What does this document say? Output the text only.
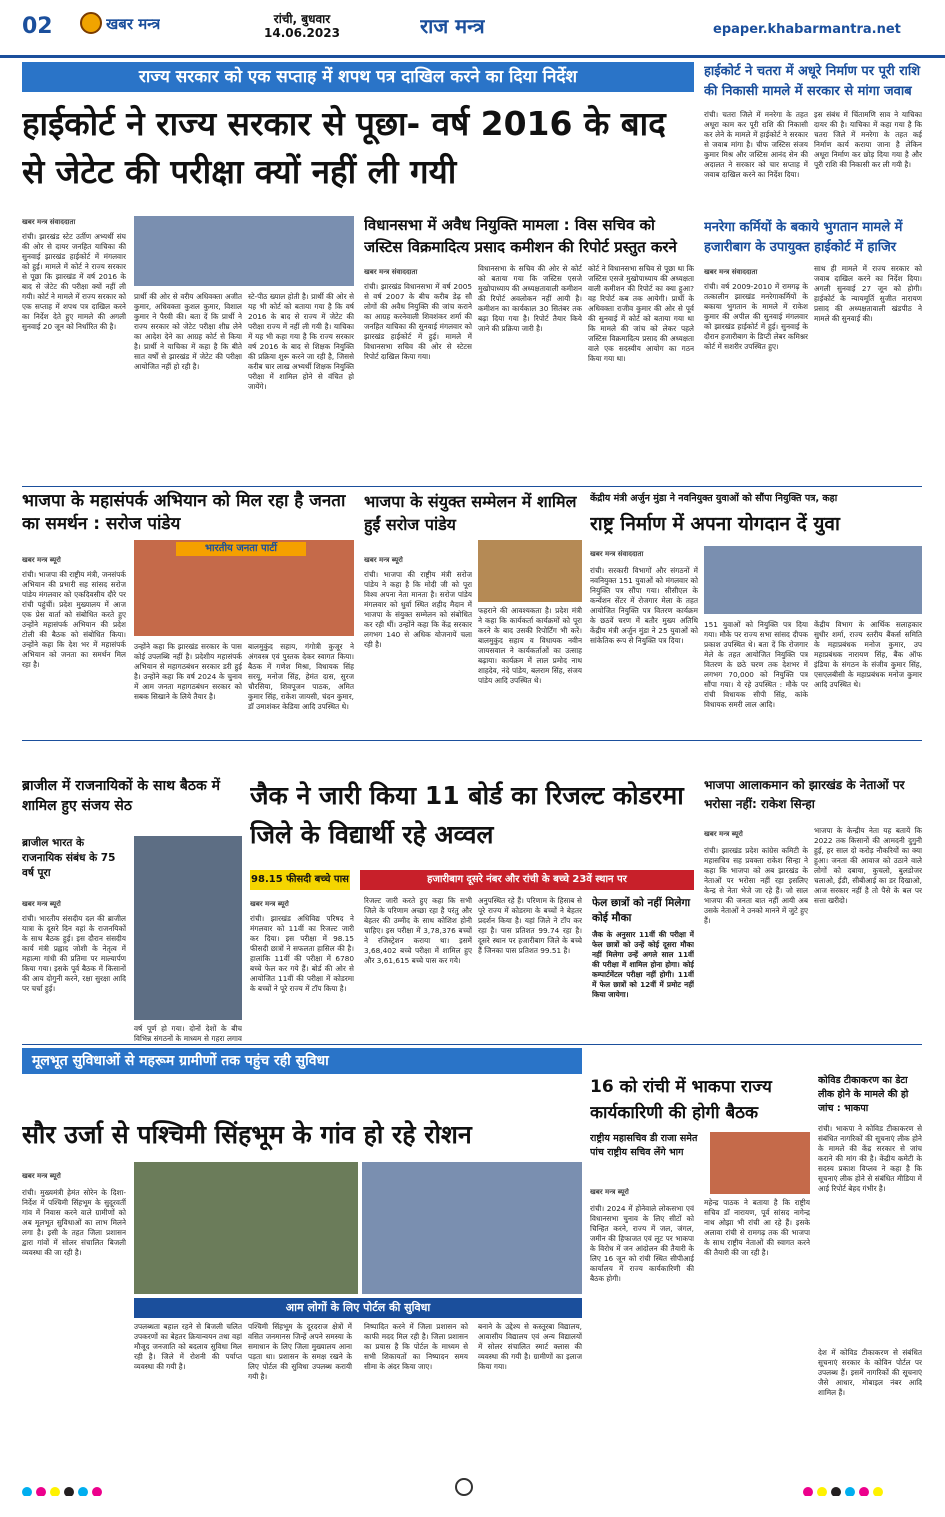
02	खबर मन्त्र	रांची, बुधवार
14.06.2023	राज मन्त्र	epaper.khabarmantra.net
राज्य सरकार को एक सप्ताह में शपथ पत्र दाखिल करने का दिया निर्देश
हाईकोर्ट ने राज्य सरकार से पूछा- वर्ष 2016 के बाद से जेटेट की परीक्षा क्यों नहीं ली गयी
खबर मन्त्र संवाददाता
रांची। झारखंड स्टेट उर्तीण अभ्यर्थी संघ की ओर से दायर जनहित याचिका की सुनवाई झारखंड हाईकोर्ट में मंगलवार को हुई। मामले में कोर्ट ने राज्य सरकार से पूछा कि झारखंड में वर्ष 2016 के बाद से जेटेट की परीक्षा क्यों नहीं ली गयी। कोर्ट ने मामले में राज्य सरकार को एक सप्ताह में शपथ पत्र दाखिल करने का निर्देश देते हुए मामले की अगली सुनवाई 20 जून को निर्धारित की है।
प्रार्थी की ओर से वरीय अधिवक्ता अजीत कुमार, अधिवक्ता कुशल कुमार, विशाल कुमार ने पैरवी की। बता दें कि प्रार्थी ने राज्य सरकार को जेटेट परीक्षा शीघ्र लेने का आदेश देने का आग्रह कोर्ट से किया है। प्रार्थी ने याचिका में कहा है कि बीते सात वर्षों से झारखंड में जेटेट की परीक्षा आयोजित नहीं हो रही है।
स्टे-पीठ ख्याल होती है। प्रार्थी की ओर से यह भी कोर्ट को बताया गया है कि वर्ष 2016 के बाद से राज्य में जेटेट की परीक्षा राज्य में नहीं ली गयी है। याचिका में यह भी कहा गया है कि राज्य सरकार वर्ष 2016 के बाद से शिक्षक नियुक्ति की प्रक्रिया शुरू करने जा रही है, जिससे करीब चार लाख अभ्यर्थी शिक्षक नियुक्ति परीक्षा में शामिल होने से वंचित हो जायेंगे।
हाईकोर्ट ने चतरा में अधूरे निर्माण पर पूरी राशि की निकासी मामले में सरकार से मांगा जवाब
रांची। चतरा जिले में मनरेगा के तहत अधूरा काम कर पूरी राशि की निकासी कर लेने के मामले में हाईकोर्ट ने सरकार से जवाब मांगा है। चीफ जस्टिस संजय कुमार मिश्र और जस्टिस आनंद सेन की अदालत ने सरकार को चार सप्ताह में जवाब दाखिल करने का निर्देश दिया।
इस संबंध में चिंतामणि साव ने याचिका दायर की है। याचिका में कहा गया है कि चतरा जिले में मनरेगा के तहत कई निर्माण कार्य कराया जाना है लेकिन अधूरा निर्माण कर छोड़ दिया गया है और पूरी राशि की निकासी कर ली गयी है।
विधानसभा में अवैध नियुक्ति मामला : विस सचिव को जस्टिस विक्रमादित्य प्रसाद कमीशन की रिपोर्ट प्रस्तुत करने
खबर मन्त्र संवाददाता
रांची। झारखंड विधानसभा में वर्ष 2005 से वर्ष 2007 के बीच करीब डेढ़ सौ लोगों की अवैध नियुक्ति की जांच कराने का आग्रह करनेवाली शिवशंकर शर्मा की जनहित याचिका की सुनवाई मंगलवार को झारखंड हाईकोर्ट में हुई। मामले में विधानसभा सचिव की ओर से स्टेटस रिपोर्ट दाखिल किया गया।
विधानसभा के सचिव की ओर से कोर्ट को बताया गया कि जस्टिस एसजे मुखोपाध्याय की अध्यक्षतावाली कमीशन की रिपोर्ट अवलोकन नहीं आयी है। कमीशन का कार्यकाल 30 सितंबर तक बढ़ा दिया गया है। रिपोर्ट तैयार किये जाने की प्रक्रिया जारी है।
कोर्ट ने विधानसभा सचिव से पूछा था कि जस्टिस एसजे मुखोपाध्याय की अध्यक्षता वाली कमीशन की रिपोर्ट का क्या हुआ? वह रिपोर्ट कब तक आयेगी। प्रार्थी के अधिवक्ता राजीव कुमार की ओर से पूर्व की सुनवाई में कोर्ट को बताया गया था कि मामले की जांच को लेकर पहले जस्टिस विक्रमादित्य प्रसाद की अध्यक्षता वाले एक सदस्यीय आयोग का गठन किया गया था।
मनरेगा कर्मियों के बकाये भुगतान मामले में हजारीबाग के उपायुक्त हाईकोर्ट में हाजिर
खबर मन्त्र संवाददाता
रांची। वर्ष 2009-2010 में रामगढ़ के तत्कालीन झारखंड मनरेगाकर्मियों के बकाया भुगतान के मामले में राकेश कुमार की अपील की सुनवाई मंगलवार को झारखंड हाईकोर्ट में हुई। सुनवाई के दौरान हजारीबाग के डिप्टी लेबर कमिश्नर कोर्ट में सशरीर उपस्थित हुए।
साथ ही मामले में राज्य सरकार को जवाब दाखिल करने का निर्देश दिया। अगली सुनवाई 27 जून को होगी। हाईकोर्ट के न्यायमूर्ति सुजीत नारायण प्रसाद की अध्यक्षतावाली खंडपीठ ने मामले की सुनवाई की।
भाजपा के महासंपर्क अभियान को मिल रहा है जनता का समर्थन : सरोज पांडेय
खबर मन्त्र ब्यूरो
रांची। भाजपा की राष्ट्रीय मंत्री, जनसंपर्क अभियान की प्रभारी सह सांसद सरोज पांडेय मंगलवार को एकदिवसीय दौरे पर रांची पहुंचीं। प्रदेश मुख्यालय में आज एक प्रेस वार्ता को संबोधित करते हुए उन्होंने महासंपर्क अभियान की प्रदेश टोली की बैठक को संबोधित किया। उन्होंने कहा कि देश भर में महासंपर्क अभियान को जनता का समर्थन मिल रहा है।
भारतीय जनता पार्टी
उन्होंने कहा कि झारखंड सरकार के पास कोई उपलब्धि नहीं है। प्रदेशीय महासंपर्क अभियान से महागठबंधन सरकार डरी हुई है। उन्होंने कहा कि वर्ष 2024 के चुनाव में आम जनता महागठबंधन सरकार को सबक सिखाने के लिये तैयार है।
बालमुकुंद सहाय, गंगोत्री कुजूर ने अंगवस्त्र एवं पुस्तक देकर स्वागत किया। बैठक में गणेश मिश्रा, विधायक सिंह सरयू, मनोज सिंह, हेमंत दास, सुरज चौरसिया, शिवपूजन पाठक, अमित कुमार सिंह, राकेश जायसी, चंदन कुमार, डॉ उमाशंकर केडिया आदि उपस्थित थे।
भाजपा के संयुक्त सम्मेलन में शामिल हुईं सरोज पांडेय
खबर मन्त्र ब्यूरो
रांची। भाजपा की राष्ट्रीय मंत्री सरोज पांडेय ने कहा है कि मोदी जी को पूरा विश्व अपना नेता मानता है। सरोज पांडेय मंगलवार को धुर्वा स्थित शहीद मैदान में भाजपा के संयुक्त सम्मेलन को संबोधित कर रही थीं। उन्होंने कहा कि केंद्र सरकार लगभग 140 से अधिक योजनायें चला रही है।
फहराने की आवश्यकता है। प्रदेश मंत्री ने कहा कि कार्यकर्ता कार्यक्रमों को पूरा करने के बाद उसकी रिपोर्टिंग भी करें। बालमुकुंद सहाय व विधायक नवीन जायसवाल ने कार्यकर्ताओं का उत्साह बढ़ाया। कार्यक्रम में लाल प्रमोद नाथ शाहदेव, नंदे पांडेय, बलराम सिंह, संजय पांडेय आदि उपस्थित थे।
केंद्रीय मंत्री अर्जुन मुंडा ने नवनियुक्त युवाओं को सौंपा नियुक्ति पत्र, कहा
राष्ट्र निर्माण में अपना योगदान दें युवा
खबर मन्त्र संवाददाता
रांची। सरकारी विभागों और संगठनों में नवनियुक्त 151 युवाओं को मंगलवार को नियुक्ति पत्र सौंपा गया। सीसीएल के कन्वेंशन सेंटर में रोजगार मेला के तहत आयोजित नियुक्ति पत्र वितरण कार्यक्रम के छठवें चरण में बतौर मुख्य अतिथि केंद्रीय मंत्री अर्जुन मुंडा ने 25 युवाओं को सांकेतिक रूप से नियुक्ति पत्र दिया।
151 युवाओं को नियुक्ति पत्र दिया गया। मौके पर राज्य सभा सांसद दीपक प्रकाश उपस्थित थे। बता दें कि रोजगार मेले के तहत आयोजित नियुक्ति पत्र वितरण के छठे चरण तक देशभर में लगभग 70,000 को नियुक्ति पत्र सौंपा गया। ये रहे उपस्थित : मौके पर रांची विधायक सीपी सिंह, कांके विधायक समरी लाल आदि।
केंद्रीय विभाग के आर्थिक सलाहकार सुधीर शर्मा, राज्य स्तरीय बैंकर्स समिति के महाप्रबंधक मनोज कुमार, उप महाप्रबंधक नारायण सिंह, बैंक ऑफ इंडिया के संगठन के संजीव कुमार सिंह, एसएलबीसी के महाप्रबंधक मनोज कुमार आदि उपस्थित थे।
ब्राजील में राजनायिकों के साथ बैठक में शामिल हुए संजय सेठ
ब्राजील भारत के राजनायिक संबंध के 75 वर्ष पूरा
खबर मन्त्र ब्यूरो
रांची। भारतीय संसदीय दल की ब्राजील यात्रा के दूसरे दिन वहां के राजनयिकों के साथ बैठक हुई। इस दौरान संसदीय कार्य मंत्री प्रह्लाद जोशी के नेतृत्व में महात्मा गांधी की प्रतिमा पर माल्यार्पण किया गया। इसके पूर्व बैठक में किसानों की आय दोगुनी करने, रक्षा सुरक्षा आदि पर चर्चा हुई।
वर्ष पूर्ण हो गया। दोनों देशों के बीच विभिन्न संगठनों के माध्यम से गहरा लगाव
जैक ने जारी किया 11 बोर्ड का रिजल्ट कोडरमा जिले के विद्यार्थी रहे अव्वल
98.15 फीसदी बच्चे पास	हजारीबाग दूसरे नंबर और रांची के बच्चे 23वें स्थान पर
खबर मन्त्र ब्यूरो
रांची। झारखंड अधिविद्य परिषद ने मंगलवार को 11वीं का रिजल्ट जारी कर दिया। इस परीक्षा में 98.15 फीसदी छात्रों ने सफलता हासिल की है। हालांकि 11वीं की परीक्षा में 6780 बच्चे फेल कर गये हैं। बोर्ड की ओर से आयोजित 11वीं की परीक्षा में कोडरमा के बच्चों ने पूरे राज्य में टॉप किया है।
रिजल्ट जारी करते हुए कहा कि सभी जिले के परिणाम अच्छा रहा है परंतु और बेहतर की उम्मीद के साथ कोशिश होनी चाहिए। इस परीक्षा में 3,78,376 बच्चों ने रजिस्ट्रेशन कराया था। इसमें 3,68,402 बच्चे परीक्षा में शामिल हुए और 3,61,615 बच्चे पास कर गये।
अनुपस्थित रहे हैं। परिणाम के हिसाब से पूरे राज्य में कोडरमा के बच्चों ने बेहतर प्रदर्शन किया है। यहां जिले ने टॉप कर रहा है। पास प्रतिशत 99.74 रहा है। दूसरे स्थान पर हजारीबाग जिले के बच्चे हैं जिनका पास प्रतिशत 99.51 है।
फेल छात्रों को नहीं मिलेगा कोई मौका
जैक के अनुसार 11वीं की परीक्षा में फेल छात्रों को उन्हें कोई दूसरा मौका नहीं मिलेगा उन्हें अगले साल 11वीं की परीक्षा में शामिल होना होगा। कोई कम्पार्टमेंटल परीक्षा नहीं होगी। 11वीं में फेल छात्रों को 12वीं में प्रमोट नहीं किया जायेगा।
भाजपा आलाकमान को झारखंड के नेताओं पर भरोसा नहीं: राकेश सिन्हा
खबर मन्त्र ब्यूरो
रांची। झारखंड प्रदेश कांग्रेस कमिटी के महासचिव सह प्रवक्ता राकेश सिन्हा ने कहा कि भाजपा को अब झारखंड के नेताओं पर भरोसा नहीं रहा इसलिए केन्द्र से नेता भेजे जा रहे हैं। जो साल भाजपा की जनता बात नहीं आयी अब उसके नेताओं ने उनको मानने में जुटे हुए हैं।
भाजपा के केन्द्रीय नेता यह बतायें कि 2022 तक किसानों की आमदनी दुगुनी हुई, हर साल दो करोड़ नौकरियों का क्या हुआ। जनता की आवाज को उठाने वाले लोगों को दबाया, कुचलो, बुलडोजर चलाओ, ईडी, सीबीआई का डर दिखाओ, आज सरकार नहीं है तो पैसे के बल पर सत्ता खरीदो।
मूलभूत सुविधाओं से महरूम ग्रामीणों तक पहुंच रही सुविधा
सौर उर्जा से पश्चिमी सिंहभूम के गांव हो रहे रोशन
खबर मन्त्र ब्यूरो
रांची। मुख्यमंत्री हेमंत सोरेन के दिशा-निर्देश में पश्चिमी सिंहभूम के सुदूरवर्ती गांव में निवास करने वाले ग्रामीणों को अब मूलभूत सुविधाओं का लाभ मिलने लगा है। इसी के तहत जिला प्रशासन द्वारा गांवों में सोलर संचालित बिजली व्यवस्था की जा रही है।
आम लोगों के लिए पोर्टल की सुविधा
उपलब्धता बहाल रहने से बिजली चलित उपकरणों का बेहतर क्रियान्वयन तथा वहां मौजूद जनजाति को बदलाव सुविधा मिल रही है। जिले में रोशनी की पर्याप्त व्यवस्था की गयी है।
पश्चिमी सिंहभूम के दूरदराज क्षेत्रों में वसित जनमानस जिन्हें अपने समस्या के समाधान के लिए जिला मुख्यालय आना पड़ता था। प्रशासन के समक्ष रखने के लिए पोर्टल की सुविधा उपलब्ध करायी गयी है।
निष्पादित करने में जिला प्रशासन को काफी मदद मिल रही है। जिला प्रशासन का प्रयास है कि पोर्टल के माध्यम से सभी शिकायतों का निष्पादन समय सीमा के अंदर किया जाए।
बनाने के उद्देश्य से कस्तूरबा विद्यालय, आवासीय विद्यालय एवं अन्य विद्यालयों में सोलर संचालित स्मार्ट क्लास की व्यवस्था की गयी है। ग्रामीणों का इलाज किया गया।
16 को रांची में भाकपा राज्य कार्यकारिणी की होगी बैठक
राष्ट्रीय महासचिव डी राजा समेत पांच राष्ट्रीय सचिव लेंगे भाग
खबर मन्त्र ब्यूरो
रांची। 2024 में होनेवाले लोकसभा एवं विधानसभा चुनाव के लिए सीटों को चिन्हित करने, राज्य में जल, जंगल, जमीन की हिफाजत एवं लूट पर भाकपा के विरोध में जन आंदोलन की तैयारी के लिए 16 जून को रांची स्थित सीपीआई कार्यालय में राज्य कार्यकारिणी की बैठक होगी।
महेन्द्र पाठक ने बताया है कि राष्ट्रीय सचिव डॉ नारायण, पूर्व सांसद नागेन्द्र नाथ ओझा भी रांची आ रहे हैं। इसके अलावा रांची से रामगढ़ तक की भाजपा के साथ राष्ट्रीय नेताओं की स्वागत करने की तैयारी की जा रही है।
कोविड टीकाकरण का डेटा लीक होने के मामले की हो जांच : भाकपा
रांची। भाकपा ने कोविड टीकाकरण से संबंधित नागरिकों की सूचनाएं लीक होने के मामले की केंद्र सरकार से जांच कराने की मांग की है। केंद्रीय कमेटी के सदस्य प्रकाश विप्लव ने कहा है कि सूचनाएं लीक होने से संबंधित मीडिया में आई रिपोर्ट बेहद गंभीर है।
देश में कोविड टीकाकरण से संबंधित सूचनाएं सरकार के कोविन पोर्टल पर उपलब्ध हैं। इसमें नागरिकों की सूचनाएं जैसे आधार, मोबाइल नंबर आदि शामिल हैं।
